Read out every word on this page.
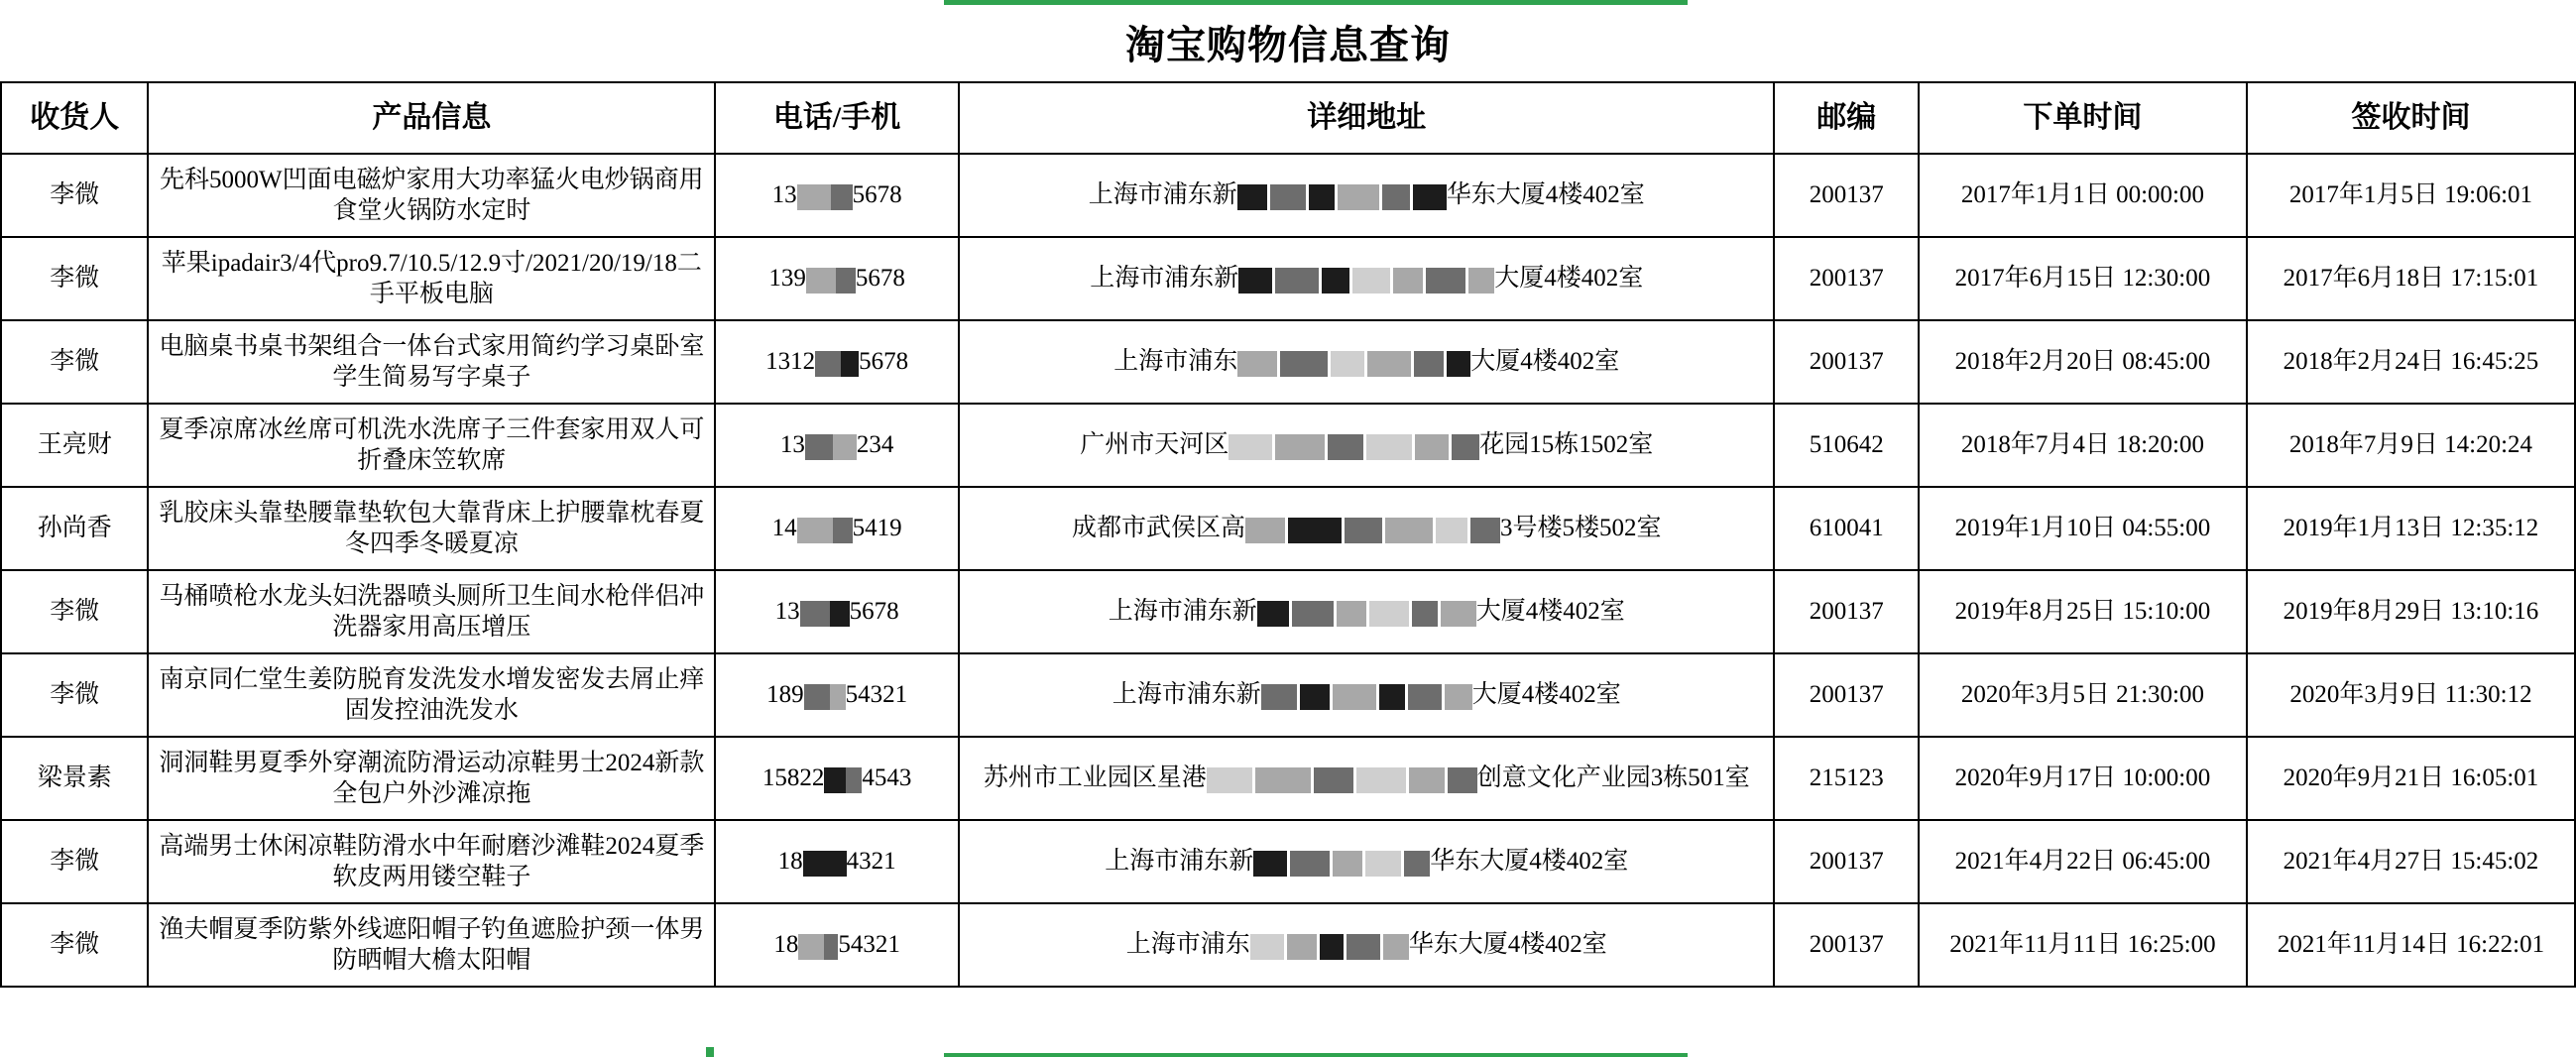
淘宝购物信息查询
收货人	产品信息	电话/手机	详细地址	邮编	下单时间	签收时间
李微	先科5000W凹面电磁炉家用大功率猛火电炒锅商用食堂火锅防水定时	13 5678	上海市浦东新 华东大厦4楼402室	200137	2017年1月1日 00:00:00	2017年1月5日 19:06:01
李微	苹果ipadair3/4代pro9.7/10.5/12.9寸/2021/20/19/18二手平板电脑	139 5678	上海市浦东新 大厦4楼402室	200137	2017年6月15日 12:30:00	2017年6月18日 17:15:01
李微	电脑桌书桌书架组合一体台式家用简约学习桌卧室学生简易写字桌子	1312 5678	上海市浦东 大厦4楼402室	200137	2018年2月20日 08:45:00	2018年2月24日 16:45:25
王亮财	夏季凉席冰丝席可机洗水洗席子三件套家用双人可折叠床笠软席	13 234	广州市天河区 花园15栋1502室	510642	2018年7月4日 18:20:00	2018年7月9日 14:20:24
孙尚香	乳胶床头靠垫腰靠垫软包大靠背床上护腰靠枕春夏冬四季冬暖夏凉	14 5419	成都市武侯区高 3号楼5楼502室	610041	2019年1月10日 04:55:00	2019年1月13日 12:35:12
李微	马桶喷枪水龙头妇洗器喷头厕所卫生间水枪伴侣冲洗器家用高压增压	13 5678	上海市浦东新 大厦4楼402室	200137	2019年8月25日 15:10:00	2019年8月29日 13:10:16
李微	南京同仁堂生姜防脱育发洗发水增发密发去屑止痒固发控油洗发水	189 54321	上海市浦东新 大厦4楼402室	200137	2020年3月5日 21:30:00	2020年3月9日 11:30:12
梁景素	洞洞鞋男夏季外穿潮流防滑运动凉鞋男士2024新款全包户外沙滩凉拖	15822 4543	苏州市工业园区星港 创意文化产业园3栋501室	215123	2020年9月17日 10:00:00	2020年9月21日 16:05:01
李微	高端男士休闲凉鞋防滑水中年耐磨沙滩鞋2024夏季软皮两用镂空鞋子	18 4321	上海市浦东新 华东大厦4楼402室	200137	2021年4月22日 06:45:00	2021年4月27日 15:45:02
李微	渔夫帽夏季防紫外线遮阳帽子钓鱼遮脸护颈一体男防晒帽大檐太阳帽	18 54321	上海市浦东 华东大厦4楼402室	200137	2021年11月11日 16:25:00	2021年11月14日 16:22:01
